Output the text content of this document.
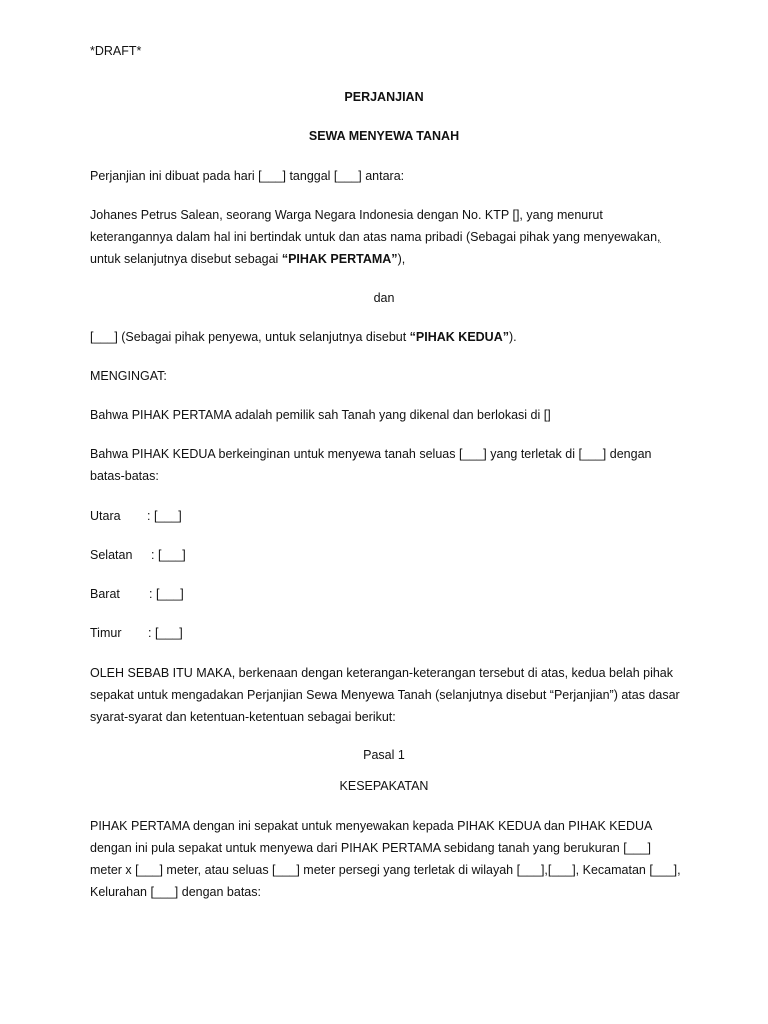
*DRAFT*
PERJANJIAN
SEWA MENYEWA TANAH
Perjanjian ini dibuat pada hari [___] tanggal [___] antara:
Johanes Petrus Salean, seorang Warga Negara Indonesia dengan No. KTP [], yang menurut
keterangannya dalam hal ini bertindak untuk dan atas nama pribadi (Sebagai pihak yang menyewakan,
untuk selanjutnya disebut sebagai “PIHAK PERTAMA”),
dan
[___] (Sebagai pihak penyewa, untuk selanjutnya disebut “PIHAK KEDUA”).
MENGINGAT:
Bahwa PIHAK PERTAMA adalah pemilik sah Tanah yang dikenal dan berlokasi di []
Bahwa PIHAK KEDUA berkeinginan untuk menyewa tanah seluas [___] yang terletak di [___] dengan
batas-batas:
Utara : [___]
Selatan : [___]
Barat : [___]
Timur : [___]
OLEH SEBAB ITU MAKA, berkenaan dengan keterangan-keterangan tersebut di atas, kedua belah pihak
sepakat untuk mengadakan Perjanjian Sewa Menyewa Tanah (selanjutnya disebut “Perjanjian”) atas dasar
syarat-syarat dan ketentuan-ketentuan sebagai berikut:
Pasal 1
KESEPAKATAN
PIHAK PERTAMA dengan ini sepakat untuk menyewakan kepada PIHAK KEDUA dan PIHAK KEDUA
dengan ini pula sepakat untuk menyewa dari PIHAK PERTAMA sebidang tanah yang berukuran [___]
meter x [___] meter, atau seluas [___] meter persegi yang terletak di wilayah [___],[___], Kecamatan [___],
Kelurahan [___] dengan batas:
